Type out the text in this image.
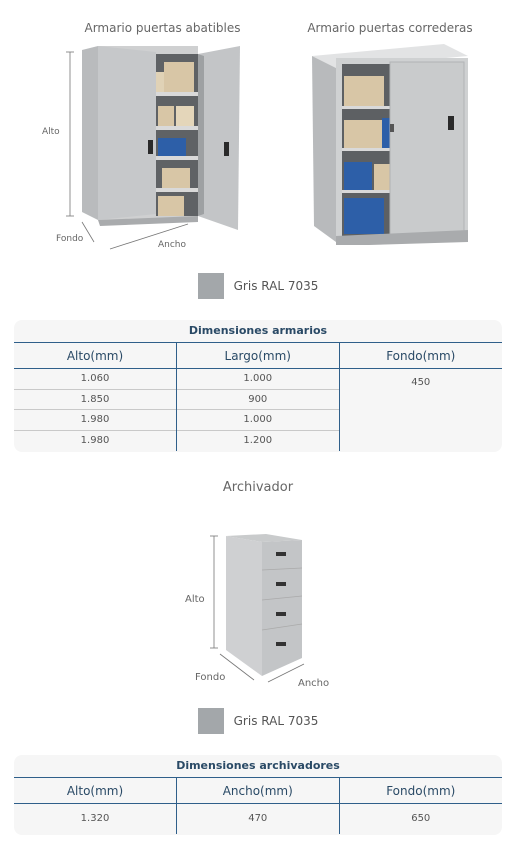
Armario puertas abatibles	Armario puertas correderas
Alto
Fondo
Ancho
Gris RAL 7035
Dimensiones armarios
Alto(mm)	Largo(mm)	Fondo(mm)
1.060	1.000	450
1.850	900	
1.980	1.000	
1.980	1.200	
Archivador
Alto
Fondo
Ancho
Gris RAL 7035
Dimensiones archivadores
Alto(mm)	Ancho(mm)	Fondo(mm)
1.320	470	650
